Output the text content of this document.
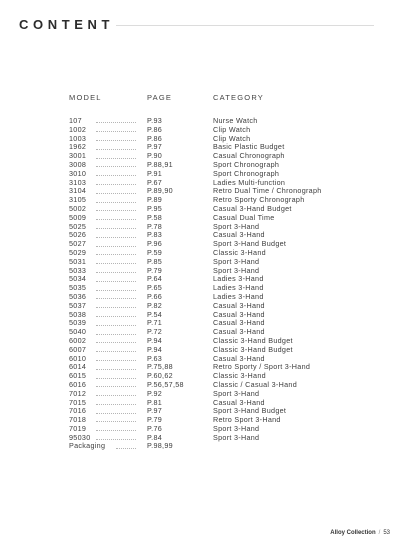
CONTENT
MODEL	PAGE	CATEGORY
107	P.93	Nurse Watch
1002	P.86	Clip Watch
1003	P.86	Clip Watch
1962	P.97	Basic Plastic Budget
3001	P.90	Casual Chronograph
3008	P.88,91	Sport Chronograph
3010	P.91	Sport Chronograph
3103	P.67	Ladies Multi-function
3104	P.89,90	Retro Dual Time / Chronograph
3105	P.89	Retro Sporty Chronograph
5002	P.95	Casual 3-Hand Budget
5009	P.58	Casual Dual Time
5025	P.78	Sport 3-Hand
5026	P.83	Casual 3-Hand
5027	P.96	Sport 3-Hand Budget
5029	P.59	Classic 3-Hand
5031	P.85	Sport 3-Hand
5033	P.79	Sport 3-Hand
5034	P.64	Ladies 3-Hand
5035	P.65	Ladies 3-Hand
5036	P.66	Ladies 3-Hand
5037	P.82	Casual 3-Hand
5038	P.54	Casual 3-Hand
5039	P.71	Casual 3-Hand
5040	P.72	Casual 3-Hand
6002	P.94	Classic 3-Hand Budget
6007	P.94	Classic 3-Hand Budget
6010	P.63	Casual 3-Hand
6014	P.75,88	Retro Sporty / Sport 3-Hand
6015	P.60,62	Classic 3-Hand
6016	P.56,57,58	Classic / Casual 3-Hand
7012	P.92	Sport 3-Hand
7015	P.81	Casual 3-Hand
7016	P.97	Sport 3-Hand Budget
7018	P.79	Retro Sport 3-Hand
7019	P.76	Sport 3-Hand
95030	P.84	Sport 3-Hand
Packaging	P.98,99
Alloy Collection / 53
